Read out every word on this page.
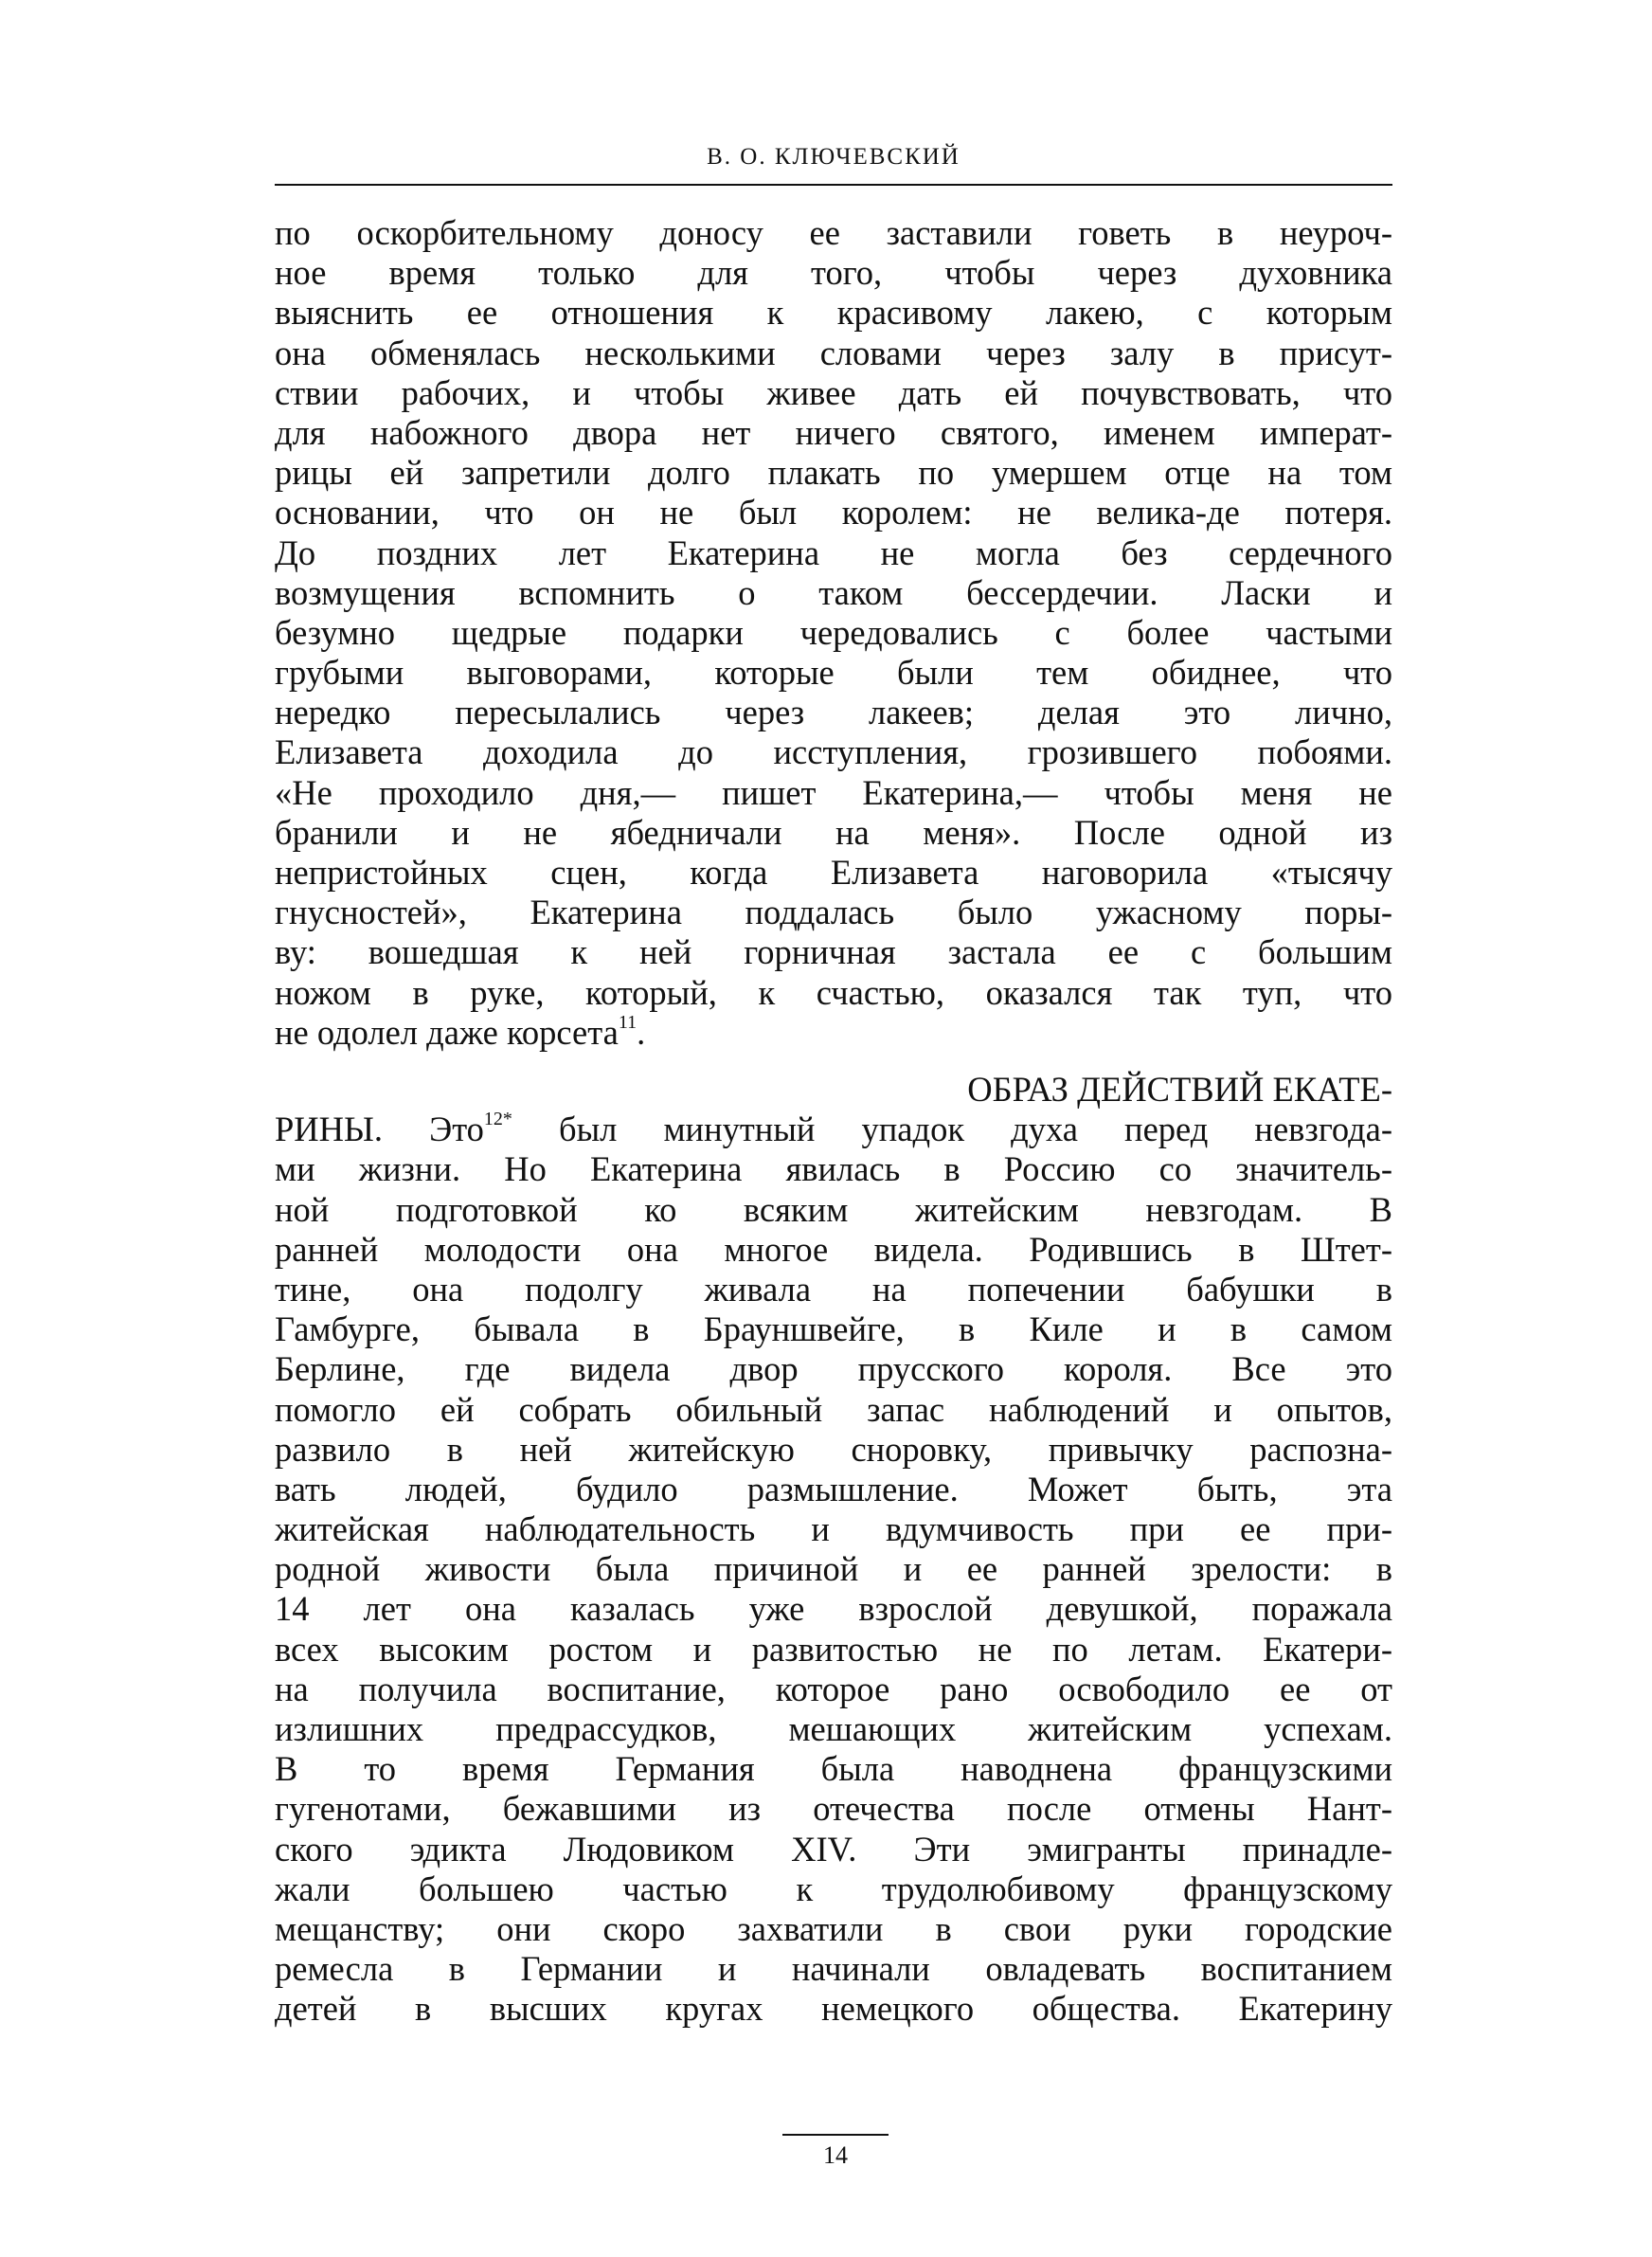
В. О. КЛЮЧЕВСКИЙ
по оскорбительному доносу ее заставили говеть в неуроч-
ное время только для того, чтобы через духовника
выяснить ее отношения к красивому лакею, с которым
она обменялась несколькими словами через залу в присут-
ствии рабочих, и чтобы живее дать ей почувствовать, что
для набожного двора нет ничего святого, именем императ-
рицы ей запретили долго плакать по умершем отце на том
основании, что он не был королем: не велика-де потеря.
До поздних лет Екатерина не могла без сердечного
возмущения вспомнить о таком бессердечии. Ласки и
безумно щедрые подарки чередовались с более частыми
грубыми выговорами, которые были тем обиднее, что
нередко пересылались через лакеев; делая это лично,
Елизавета доходила до исступления, грозившего побоями.
«Не проходило дня,— пишет Екатерина,— чтобы меня не
бранили и не ябедничали на меня». После одной из
непристойных сцен, когда Елизавета наговорила «тысячу
гнусностей», Екатерина поддалась было ужасному поры-
ву: вошедшая к ней горничная застала ее с большим
ножом в руке, который, к счастью, оказался так туп, что
не одолел даже корсета$^{11}$.
ОБРАЗ ДЕЙСТВИЙ ЕКАТЕ-
РИНЫ. Это$^{12*}$ был минутный упадок духа перед невзгода-
ми жизни. Но Екатерина явилась в Россию со значитель-
ной подготовкой ко всяким житейским невзгодам. В
ранней молодости она многое видела. Родившись в Штет-
тине, она подолгу живала на попечении бабушки в
Гамбурге, бывала в Брауншвейге, в Киле и в самом
Берлине, где видела двор прусского короля. Все это
помогло ей собрать обильный запас наблюдений и опытов,
развило в ней житейскую сноровку, привычку распозна-
вать людей, будило размышление. Может быть, эта
житейская наблюдательность и вдумчивость при ее при-
родной живости была причиной и ее ранней зрелости: в
14 лет она казалась уже взрослой девушкой, поражала
всех высоким ростом и развитостью не по летам. Екатери-
на получила воспитание, которое рано освободило ее от
излишних предрассудков, мешающих житейским успехам.
В то время Германия была наводнена французскими
гугенотами, бежавшими из отечества после отмены Нант-
ского эдикта Людовиком XIV. Эти эмигранты принадле-
жали большею частью к трудолюбивому французскому
мещанству; они скоро захватили в свои руки городские
ремесла в Германии и начинали овладевать воспитанием
детей в высших кругах немецкого общества. Екатерину
14
